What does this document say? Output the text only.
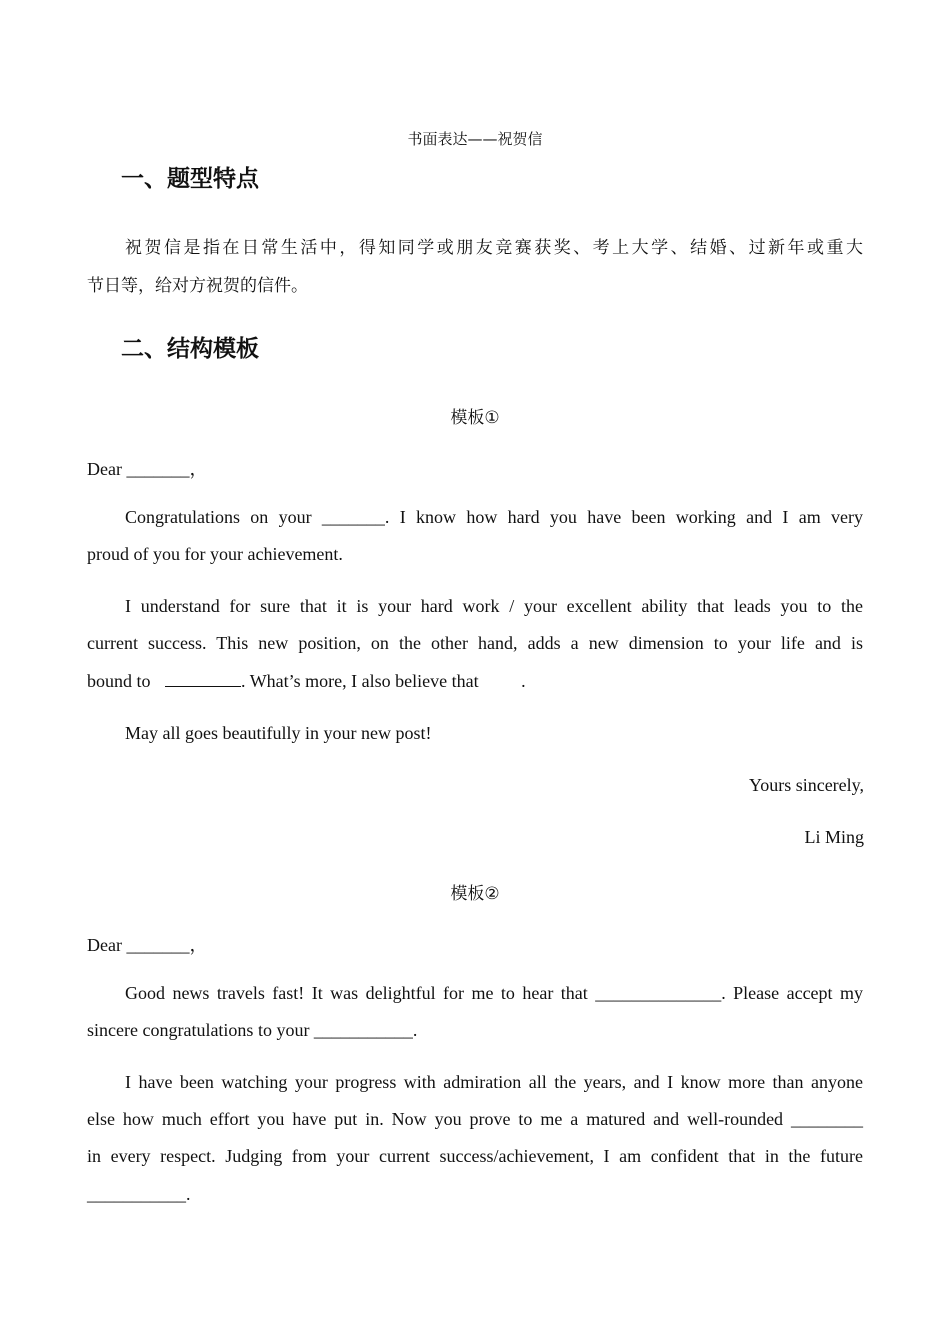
书面表达——祝贺信
一、题型特点
祝贺信是指在日常生活中，得知同学或朋友竞赛获奖、考上大学、结婚、过新年或重大
节日等，给对方祝贺的信件。
二、结构模板
模板①
Dear _______，
Congratulations on your _______. I know how hard you have been working and I am very
proud of you for your achievement.
I understand for sure that it is your hard work / your excellent ability that leads you to the
current success. This new position, on the other hand, adds a new dimension to your life and is
bound to	. What’s more, I also believe that .
May all goes beautifully in your new post!
Yours sincerely,
Li Ming
模板②
Dear _______，
Good news travels fast! It was delightful for me to hear that ______________. Please accept my
sincere congratulations to your ___________.
I have been watching your progress with admiration all the years, and I know more than anyone
else how much effort you have put in. Now you prove to me a matured and well-rounded ________
in every respect. Judging from your current success/achievement, I am confident that in the future
___________.
